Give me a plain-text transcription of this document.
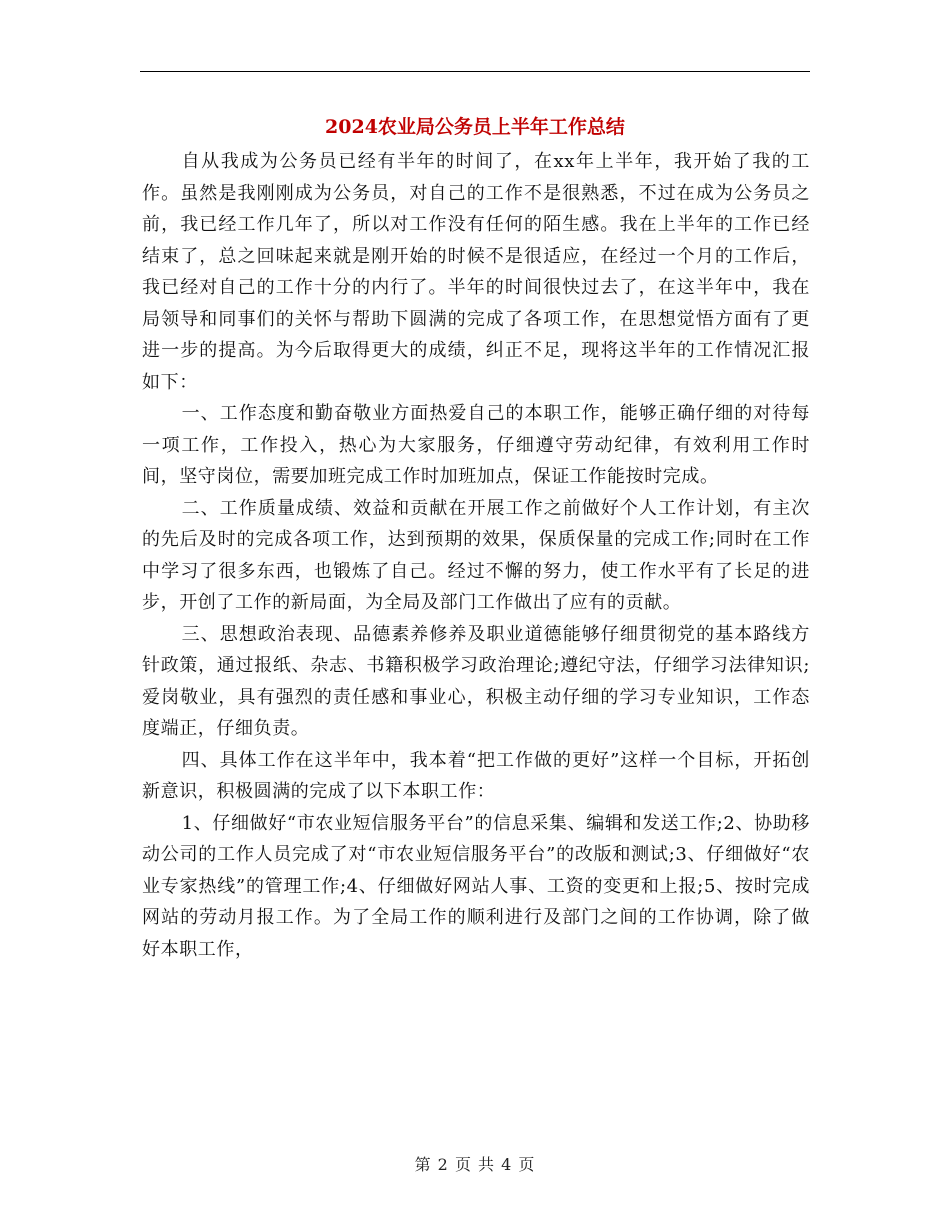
2024农业局公务员上半年工作总结

自从我成为公务员已经有半年的时间了，在xx年上半年，我开始了我的工作。虽然是我刚刚成为公务员，对自己的工作不是很熟悉，不过在成为公务员之前，我已经工作几年了，所以对工作没有任何的陌生感。我在上半年的工作已经结束了，总之回味起来就是刚开始的时候不是很适应，在经过一个月的工作后，我已经对自己的工作十分的内行了。半年的时间很快过去了，在这半年中，我在局领导和同事们的关怀与帮助下圆满的完成了各项工作，在思想觉悟方面有了更进一步的提高。为今后取得更大的成绩，纠正不足，现将这半年的工作情况汇报如下：

一、工作态度和勤奋敬业方面热爱自己的本职工作，能够正确仔细的对待每一项工作，工作投入，热心为大家服务，仔细遵守劳动纪律，有效利用工作时间，坚守岗位，需要加班完成工作时加班加点，保证工作能按时完成。

二、工作质量成绩、效益和贡献在开展工作之前做好个人工作计划，有主次的先后及时的完成各项工作，达到预期的效果，保质保量的完成工作;同时在工作中学习了很多东西，也锻炼了自己。经过不懈的努力，使工作水平有了长足的进步，开创了工作的新局面，为全局及部门工作做出了应有的贡献。

三、思想政治表现、品德素养修养及职业道德能够仔细贯彻党的基本路线方针政策，通过报纸、杂志、书籍积极学习政治理论;遵纪守法，仔细学习法律知识;爱岗敬业，具有强烈的责任感和事业心，积极主动仔细的学习专业知识，工作态度端正，仔细负责。

四、具体工作在这半年中，我本着“把工作做的更好”这样一个目标，开拓创新意识，积极圆满的完成了以下本职工作：

1、仔细做好“市农业短信服务平台”的信息采集、编辑和发送工作;2、协助移动公司的工作人员完成了对“市农业短信服务平台”的改版和测试;3、仔细做好“农业专家热线”的管理工作;4、仔细做好网站人事、工资的变更和上报;5、按时完成网站的劳动月报工作。为了全局工作的顺利进行及部门之间的工作协调，除了做好本职工作，

第 2 页 共 4 页
